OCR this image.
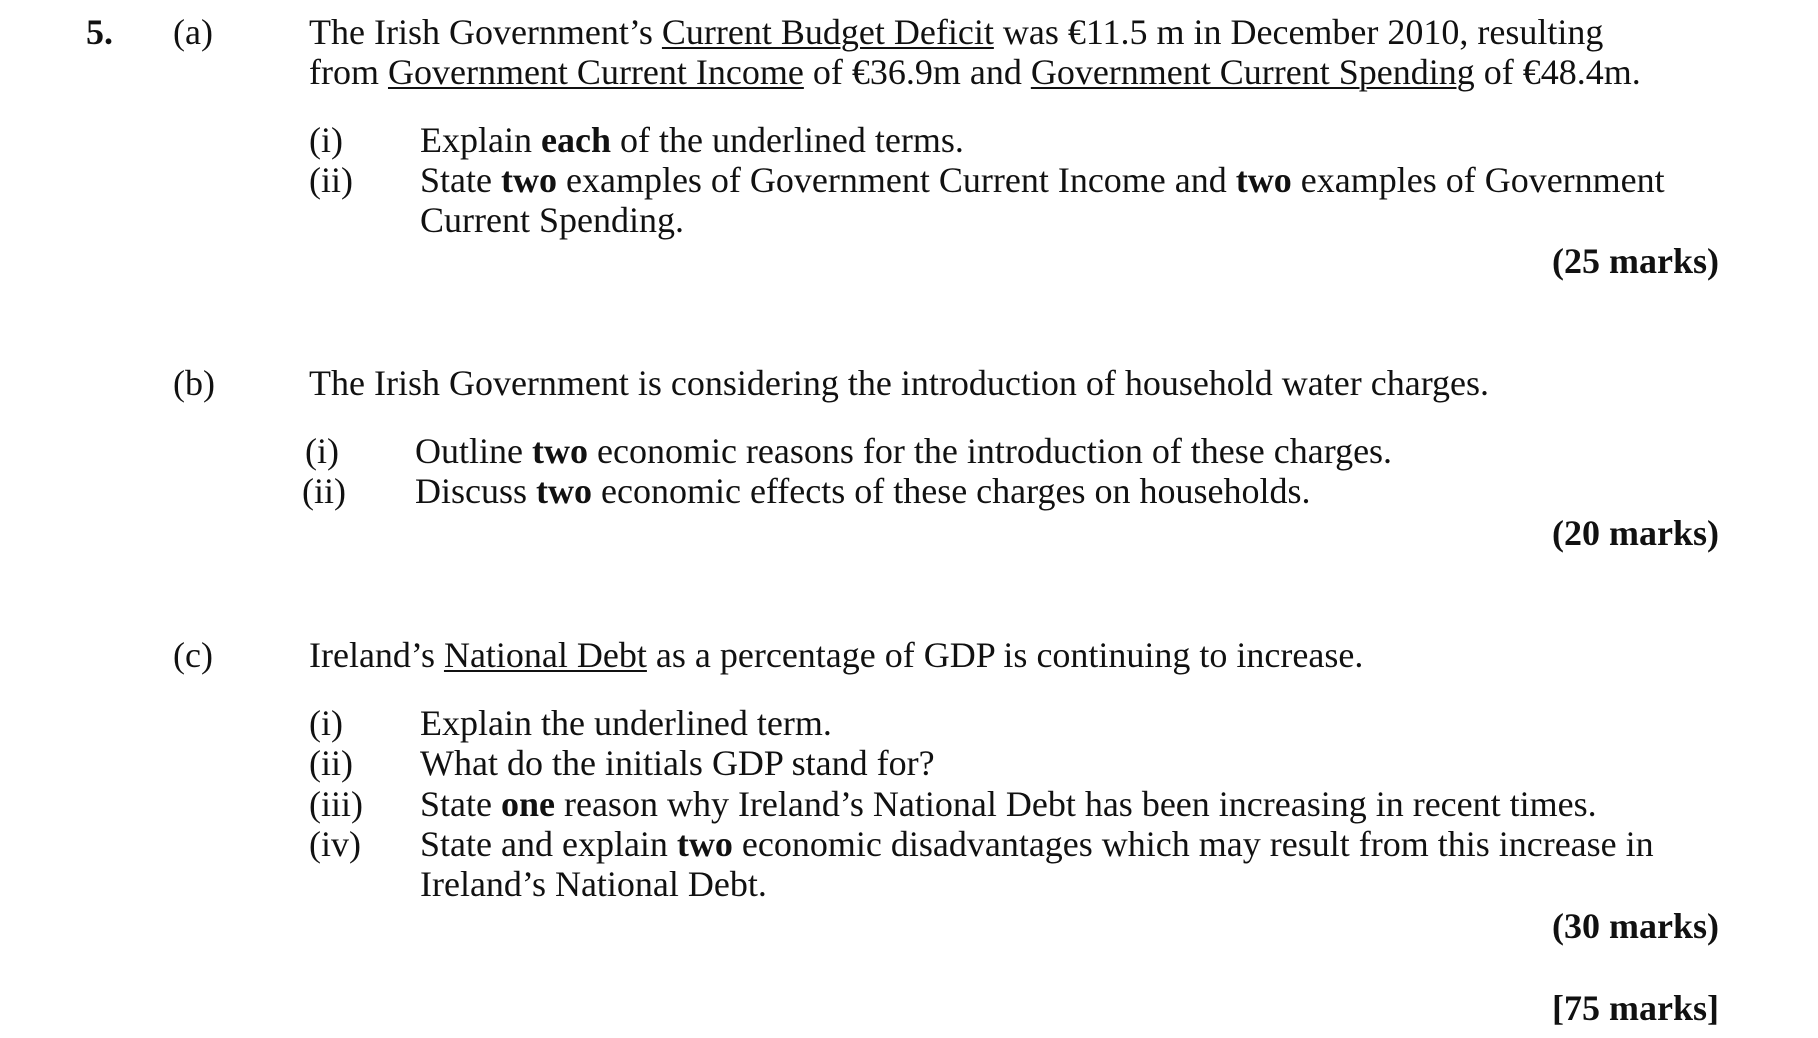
5. (a)	The Irish Government’s Current Budget Deficit was €11.5 m in December 2010, resulting
from Government Current Income of €36.9m and Government Current Spending of €48.4m.
(i) Explain each of the underlined terms.
(ii) State two examples of Government Current Income and two examples of Government
Current Spending.
(25 marks)
(b)	The Irish Government is considering the introduction of household water charges.
(i) Outline two economic reasons for the introduction of these charges.
(ii) Discuss two economic effects of these charges on households.
(20 marks)
(c)	Ireland’s National Debt as a percentage of GDP is continuing to increase.
(i) Explain the underlined term.
(ii) What do the initials GDP stand for?
(iii) State one reason why Ireland’s National Debt has been increasing in recent times.
(iv) State and explain two economic disadvantages which may result from this increase in
Ireland’s National Debt.
(30 marks)
[75 marks]
